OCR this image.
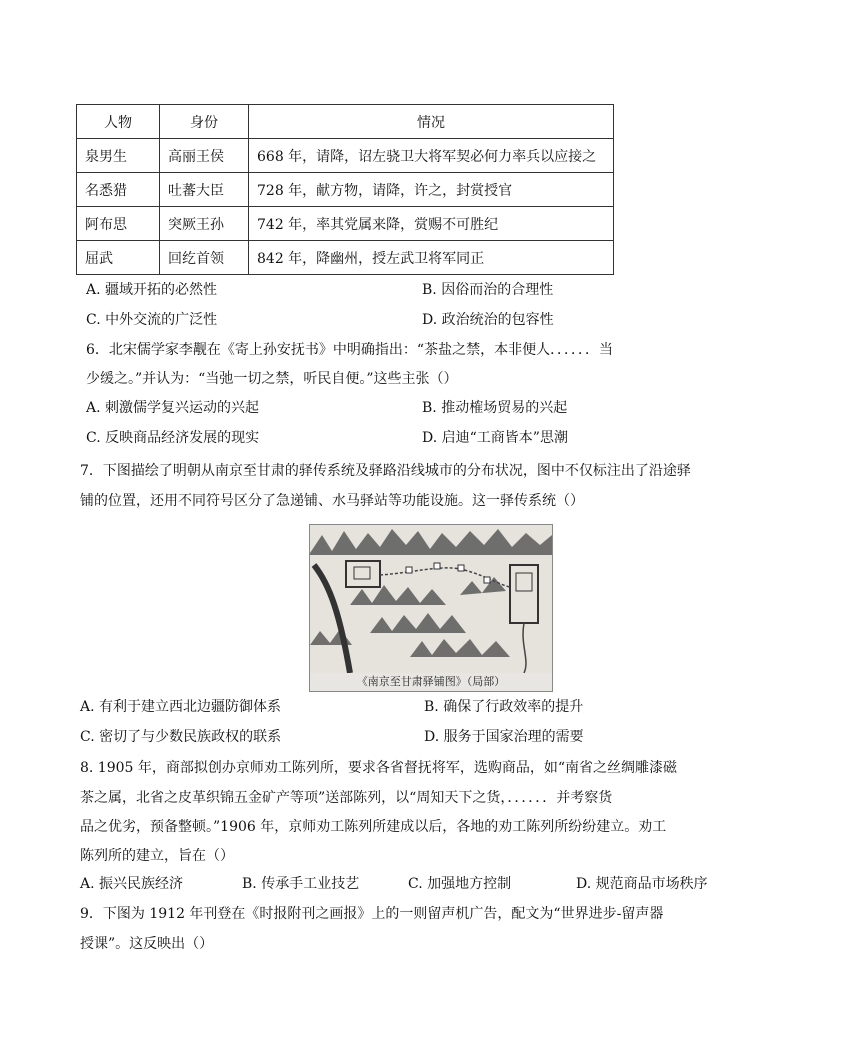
人物	身份	情况
泉男生	高丽王侯	668 年，请降，诏左骁卫大将军契必何力率兵以应接之
名悉猎	吐蕃大臣	728 年，献方物，请降，许之，封赏授官
阿布思	突厥王孙	742 年，率其党属来降，赏赐不可胜纪
屈武	回纥首领	842 年，降幽州，授左武卫将军同正
A. 疆域开拓的必然性	B. 因俗而治的合理性
C. 中外交流的广泛性	D. 政治统治的包容性
6．北宋儒学家李觏在《寄上孙安抚书》中明确指出：“茶盐之禁，本非便人．．．．．．当
少缓之。”并认为：“当弛一切之禁，听民自便。”这些主张（）
A. 刺激儒学复兴运动的兴起	B. 推动榷场贸易的兴起
C. 反映商品经济发展的现实	D. 启迪“工商皆本”思潮
7．下图描绘了明朝从南京至甘肃的驿传系统及驿路沿线城市的分布状况，图中不仅标注出了沿途驿
铺的位置，还用不同符号区分了急递铺、水马驿站等功能设施。这一驿传系统（）
《南京至甘肃驿铺图》（局部）
A. 有利于建立西北边疆防御体系	B. 确保了行政效率的提升
C. 密切了与少数民族政权的联系	D. 服务于国家治理的需要
8. 1905 年，商部拟创办京师劝工陈列所，要求各省督抚将军，选购商品，如“南省之丝绸雕漆磁
茶之属，北省之皮革织锦五金矿产等项”送部陈列，以“周知天下之货，．．．．．．并考察货
品之优劣，预备整顿。”1906 年，京师劝工陈列所建成以后，各地的劝工陈列所纷纷建立。劝工
陈列所的建立，旨在（）
A. 振兴民族经济	B. 传承手工业技艺	C. 加强地方控制	D. 规范商品市场秩序
9．下图为 1912 年刊登在《时报附刊之画报》上的一则留声机广告，配文为“世界进步-留声器
授课”。这反映出（）
